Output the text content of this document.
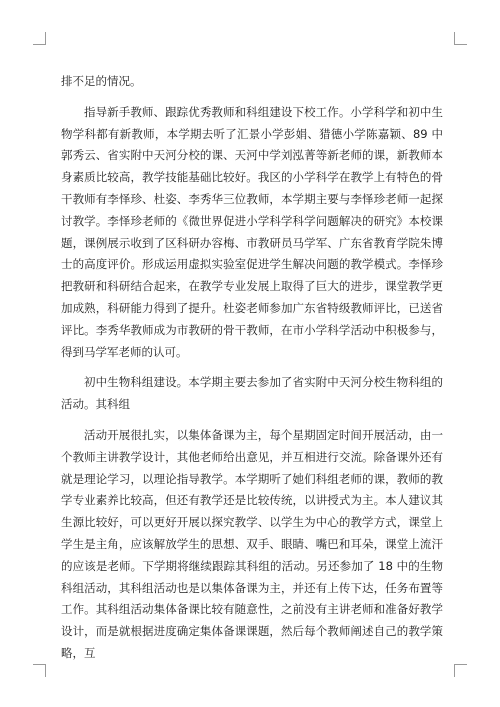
排不足的情况。

指导新手教师、跟踪优秀教师和科组建设下校工作。小学科学和初中生物学科都有新教师，本学期去听了汇景小学彭娟、猎德小学陈嘉颖、89 中郭秀云、省实附中天河分校的课、天河中学刘泓菁等新老师的课，新教师本身素质比较高，教学技能基础比较好。我区的小学科学在教学上有特色的骨干教师有李怿珍、杜姿、李秀华三位教师，本学期主要与李怿珍老师一起探讨教学。李怿珍老师的《微世界促进小学科学科学问题解决的研究》本校课题，课例展示收到了区科研办容梅、市教研员马学军、广东省教育学院朱博士的高度评价。形成运用虚拟实验室促进学生解决问题的教学模式。李怿珍把教研和科研结合起来，在教学专业发展上取得了巨大的进步，课堂教学更加成熟，科研能力得到了提升。杜姿老师参加广东省特级教师评比，已送省评比。李秀华教师成为市教研的骨干教师，在市小学科学活动中积极参与，得到马学军老师的认可。

初中生物科组建设。本学期主要去参加了省实附中天河分校生物科组的活动。其科组

活动开展很扎实，以集体备课为主，每个星期固定时间开展活动，由一个教师主讲教学设计，其他老师给出意见，并互相进行交流。除备课外还有就是理论学习，以理论指导教学。本学期听了她们科组老师的课，教师的教学专业素养比较高，但还有教学还是比较传统，以讲授式为主。本人建议其生源比较好，可以更好开展以探究教学、以学生为中心的教学方式，课堂上学生是主角，应该解放学生的思想、双手、眼睛、嘴巴和耳朵，课堂上流汗的应该是老师。下学期将继续跟踪其科组的活动。另还参加了 18 中的生物科组活动，其科组活动也是以集体备课为主，并还有上传下达，任务布置等工作。其科组活动集体备课比较有随意性，之前没有主讲老师和准备好教学设计，而是就根据进度确定集体备课课题，然后每个教师阐述自己的教学策略，互
